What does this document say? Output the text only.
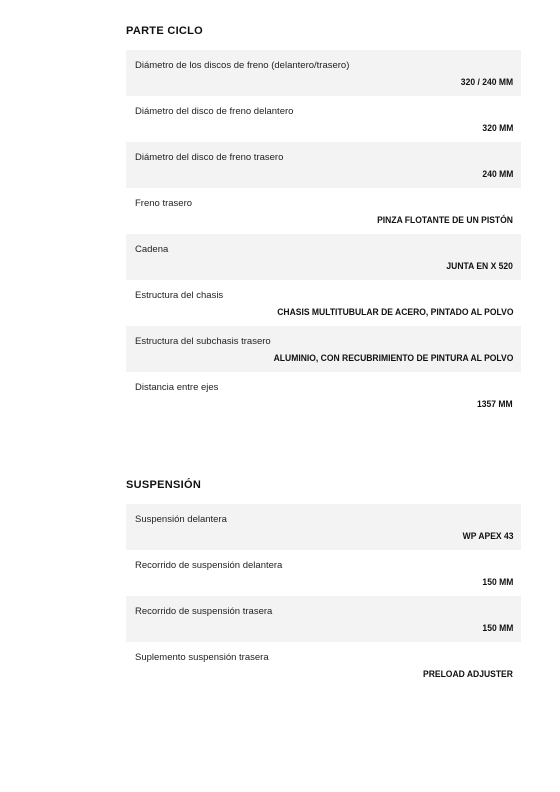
PARTE CICLO
Diámetro de los discos de freno (delantero/trasero)
320 / 240 MM
Diámetro del disco de freno delantero
320 MM
Diámetro del disco de freno trasero
240 MM
Freno trasero
PINZA FLOTANTE DE UN PISTÓN
Cadena
JUNTA EN X 520
Estructura del chasis
CHASIS MULTITUBULAR DE ACERO, PINTADO AL POLVO
Estructura del subchasis trasero
ALUMINIO, CON RECUBRIMIENTO DE PINTURA AL POLVO
Distancia entre ejes
1357 MM
SUSPENSIÓN
Suspensión delantera
WP APEX 43
Recorrido de suspensión delantera
150 MM
Recorrido de suspensión trasera
150 MM
Suplemento suspensión trasera
PRELOAD ADJUSTER
